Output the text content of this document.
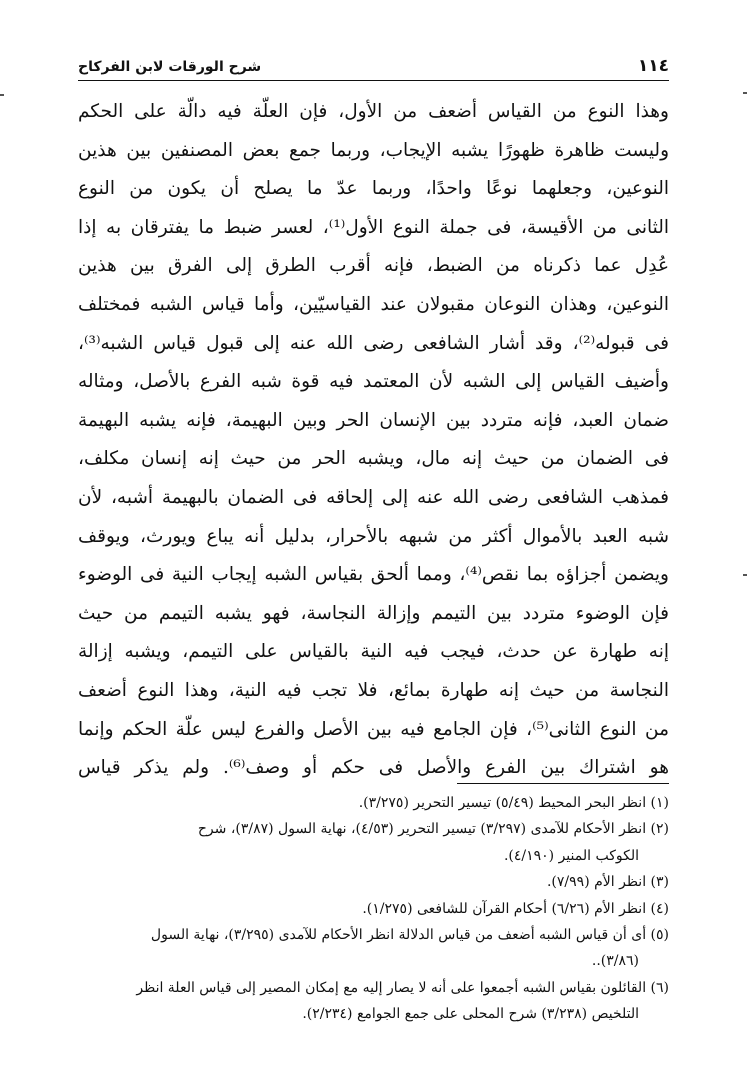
١١٤
شرح الورقات لابن الفركاح
وهذا النوع من القياس أضعف من الأول، فإن العلّة فيه دالّة على الحكم
وليست ظاهرة ظهورًا يشبه الإيجاب، وربما جمع بعض المصنفين بين هذين
النوعين، وجعلهما نوعًا واحدًا، وربما عدّ ما يصلح أن يكون من النوع
الثانى من الأقيسة، فى جملة النوع الأول⁽¹⁾، لعسر ضبط ما يفترقان به إذا
عُدِل عما ذكرناه من الضبط، فإنه أقرب الطرق إلى الفرق بين هذين
النوعين، وهذان النوعان مقبولان عند القياسيّين، وأما قياس الشبه فمختلف
فى قبوله⁽²⁾، وقد أشار الشافعى رضى الله عنه إلى قبول قياس الشبه⁽³⁾،
وأضيف القياس إلى الشبه لأن المعتمد فيه قوة شبه الفرع بالأصل، ومثاله
ضمان العبد، فإنه متردد بين الإنسان الحر وبين البهيمة، فإنه يشبه البهيمة
فى الضمان من حيث إنه مال، ويشبه الحر من حيث إنه إنسان مكلف،
فمذهب الشافعى رضى الله عنه إلى إلحاقه فى الضمان بالبهيمة أشبه، لأن
شبه العبد بالأموال أكثر من شبهه بالأحرار، بدليل أنه يباع ويورث، ويوقف
ويضمن أجزاؤه بما نقص⁽⁴⁾، ومما ألحق بقياس الشبه إيجاب النية فى الوضوء
فإن الوضوء متردد بين التيمم وإزالة النجاسة، فهو يشبه التيمم من حيث
إنه طهارة عن حدث، فيجب فيه النية بالقياس على التيمم، ويشبه إزالة
النجاسة من حيث إنه طهارة بمائع، فلا تجب فيه النية، وهذا النوع أضعف
من النوع الثانى⁽⁵⁾، فإن الجامع فيه بين الأصل والفرع ليس علّة الحكم وإنما
هو اشتراك بين الفرع والأصل فى حكم أو وصف⁽⁶⁾. ولم يذكر قياس
(١) انظر البحر المحيط (٥/٤٩) تيسير التحرير (٣/٢٧٥).
(٢) انظر الأحكام للآمدى (٣/٢٩٧) تيسير التحرير (٤/٥٣)، نهاية السول (٣/٨٧)، شرح
الكوكب المنير (٤/١٩٠).
(٣) انظر الأم (٧/٩٩).
(٤) انظر الأم (٦/٢٦) أحكام القرآن للشافعى (١/٢٧٥).
(٥) أى أن قياس الشبه أضعف من قياس الدلالة انظر الأحكام للآمدى (٣/٢٩٥)، نهاية السول
(٣/٨٦)..
(٦) القائلون بقياس الشبه أجمعوا على أنه لا يصار إليه مع إمكان المصير إلى قياس العلة انظر
التلخيص (٣/٢٣٨) شرح المحلى على جمع الجوامع (٢/٢٣٤).
